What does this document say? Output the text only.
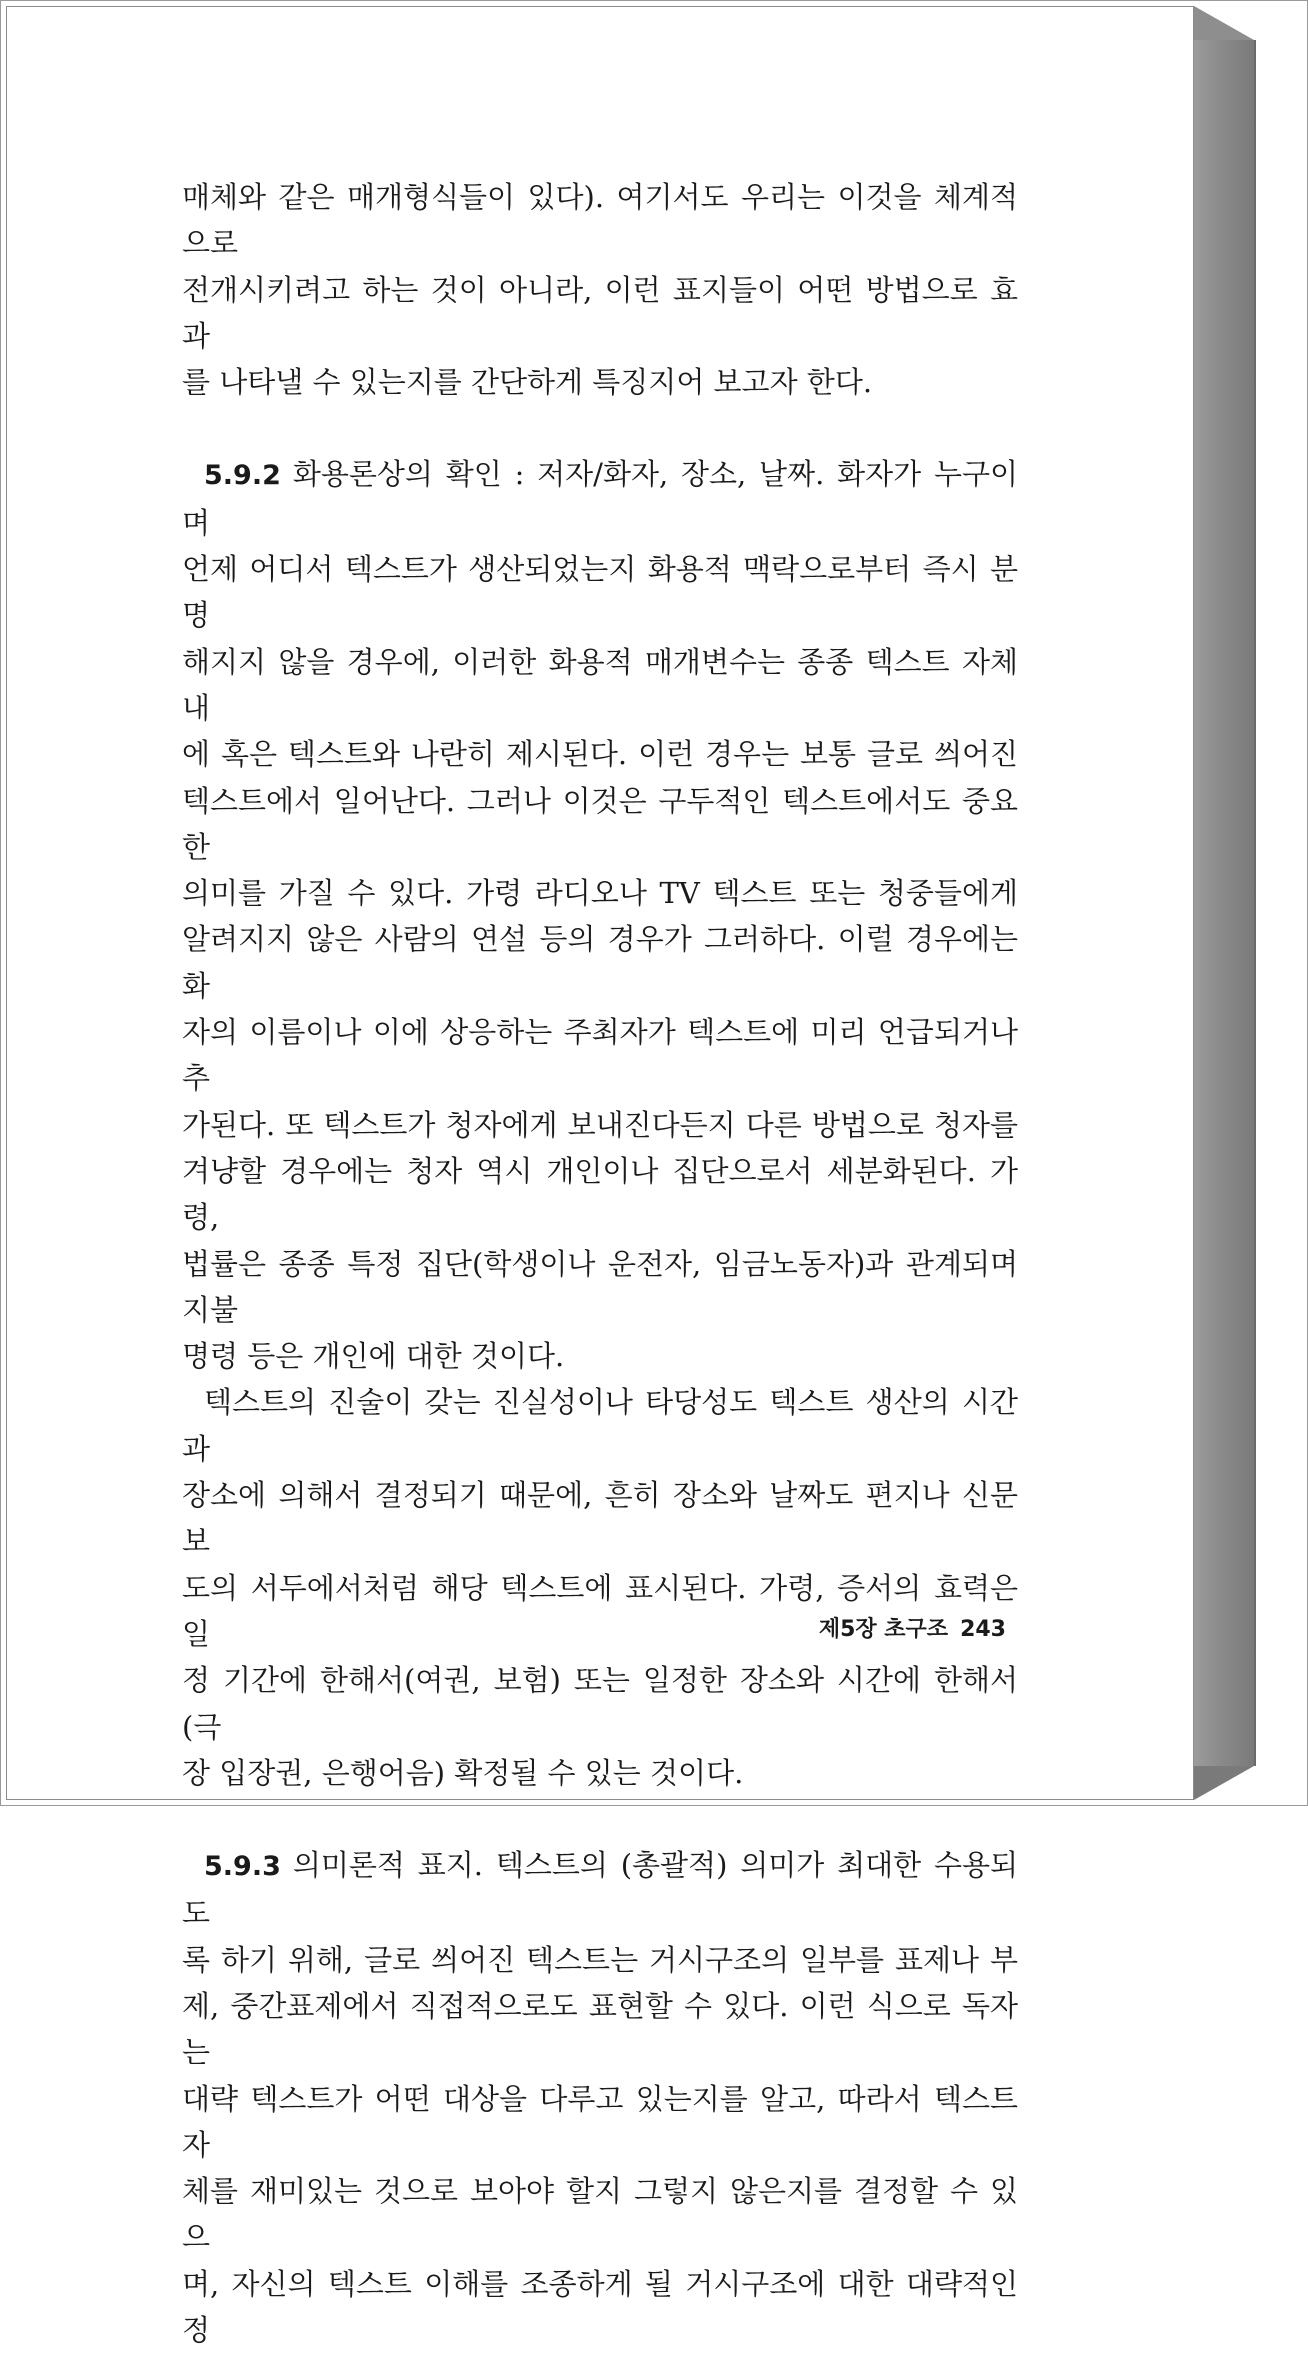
매체와 같은 매개형식들이 있다). 여기서도 우리는 이것을 체계적으로

전개시키려고 하는 것이 아니라, 이런 표지들이 어떤 방법으로 효과

를 나타낼 수 있는지를 간단하게 특징지어 보고자 한다.

5.9.2 화용론상의 확인 : 저자/화자, 장소, 날짜. 화자가 누구이며

언제 어디서 텍스트가 생산되었는지 화용적 맥락으로부터 즉시 분명

해지지 않을 경우에, 이러한 화용적 매개변수는 종종 텍스트 자체 내

에 혹은 텍스트와 나란히 제시된다. 이런 경우는 보통 글로 씌어진

텍스트에서 일어난다. 그러나 이것은 구두적인 텍스트에서도 중요한

의미를 가질 수 있다. 가령 라디오나 TV 텍스트 또는 청중들에게

알려지지 않은 사람의 연설 등의 경우가 그러하다. 이럴 경우에는 화

자의 이름이나 이에 상응하는 주최자가 텍스트에 미리 언급되거나 추

가된다. 또 텍스트가 청자에게 보내진다든지 다른 방법으로 청자를

겨냥할 경우에는 청자 역시 개인이나 집단으로서 세분화된다. 가령,

법률은 종종 특정 집단(학생이나 운전자, 임금노동자)과 관계되며 지불

명령 등은 개인에 대한 것이다.

텍스트의 진술이 갖는 진실성이나 타당성도 텍스트 생산의 시간과

장소에 의해서 결정되기 때문에, 흔히 장소와 날짜도 편지나 신문보

도의 서두에서처럼 해당 텍스트에 표시된다. 가령, 증서의 효력은 일

정 기간에 한해서(여권, 보험) 또는 일정한 장소와 시간에 한해서(극

장 입장권, 은행어음) 확정될 수 있는 것이다.

5.9.3 의미론적 표지. 텍스트의 (총괄적) 의미가 최대한 수용되도

록 하기 위해, 글로 씌어진 텍스트는 거시구조의 일부를 표제나 부

제, 중간표제에서 직접적으로도 표현할 수 있다. 이런 식으로 독자는

대략 텍스트가 어떤 대상을 다루고 있는지를 알고, 따라서 텍스트 자

체를 재미있는 것으로 보아야 할지 그렇지 않은지를 결정할 수 있으

며, 자신의 텍스트 이해를 조종하게 될 거시구조에 대한 대략적인 정

제5장 초구조 243
